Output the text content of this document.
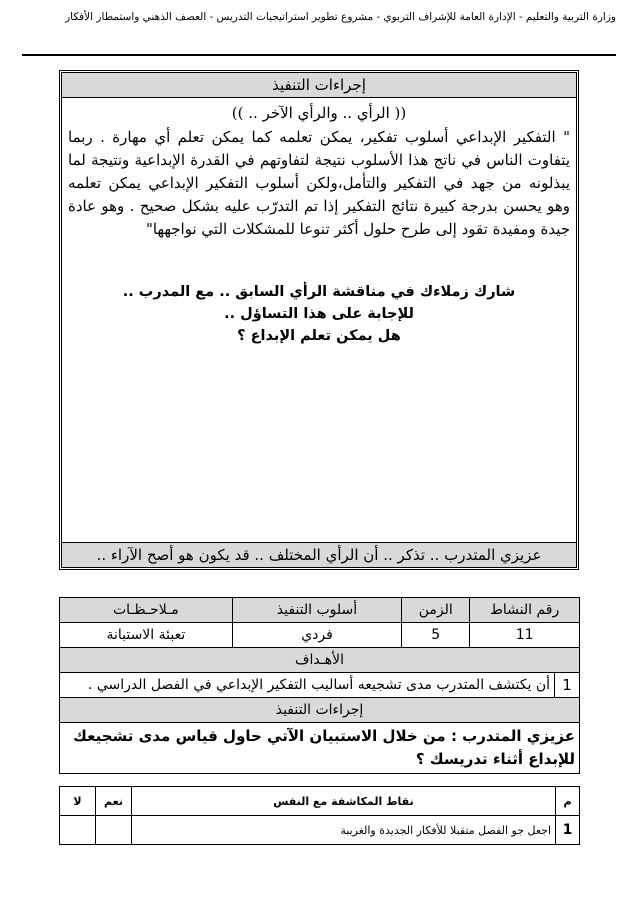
وزارة التربية والتعليم - الإدارة العامة للإشراف التربوي - مشروع تطوير استراتيجيات التدريس - العصف الذهني واستمطار الأفكار
إجراءات التنفيذ
(( الرأي .. والرأي الآخر .. ))
" التفكير الإبداعي أسلوب تفكير، يمكن تعلمه كما يمكن تعلم أي مهارة . ربما يتفاوت الناس في ناتج هذا الأسلوب نتيجة لتفاوتهم في القدرة الإبداعية ونتيجة لما يبذلونه من جهد في التفكير والتأمل،ولكن أسلوب التفكير الإبداعي يمكن تعلمه وهو يحسن بدرجة كبيرة نتائج التفكير إذا تم التدرّب عليه بشكل صحيح . وهو عادة جيدة ومفيدة تقود إلى طرح حلول أكثر تنوعا للمشكلات التي نواجهها"
شارك زملاءك في مناقشة الرأي السابق .. مع المدرب ..
للإجابة على هذا التساؤل ..
هل يمكن تعلم الإبداع ؟
عزيزي المتدرب .. تذكر .. أن الرأي المختلف .. قد يكون هو أصح الآراء ..
رقم النشاط	الزمن	أسلوب التنفيذ	مـلاحـظـات
11	5	فردي	تعبئة الاستبانة
الأهـداف

1	أن يكتشف المتدرب مدى تشجيعه أساليب التفكير الإبداعي في الفصل الدراسي .

إجراءات التنفيذ
عزيزي المتدرب : من خلال الاستبيان الآتي حاول قياس مدى تشجيعك للإبداع أثناء تدريسك ؟
م	نقاط المكاشفة مع النفس	نعم	لا
1	اجعل جو الفصل متقبلا للأفكار الجديدة والغريبة		
